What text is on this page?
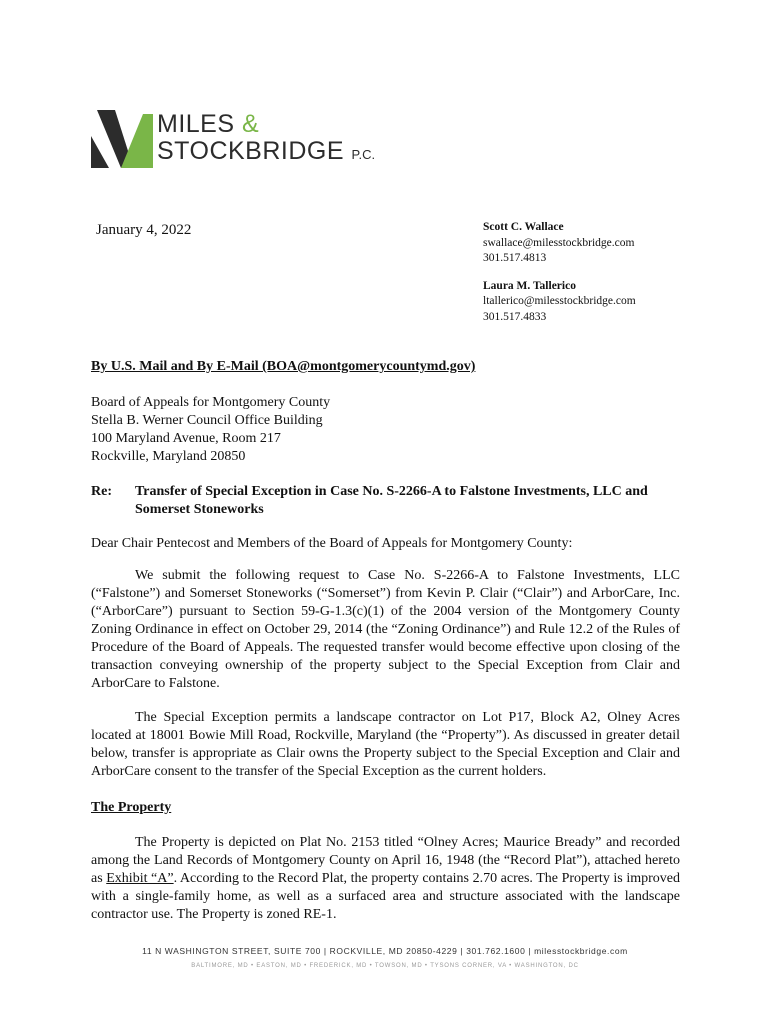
MILES &
STOCKBRIDGE P.C.
January 4, 2022	Scott C. Wallace
swallace@milesstockbridge.com
301.517.4813
Laura M. Tallerico
ltallerico@milesstockbridge.com
301.517.4833
By U.S. Mail and By E-Mail (BOA@montgomerycountymd.gov)
Board of Appeals for Montgomery County
Stella B. Werner Council Office Building
100 Maryland Avenue, Room 217
Rockville, Maryland 20850
Re: Transfer of Special Exception in Case No. S-2266-A to Falstone Investments, LLC and Somerset Stoneworks
Dear Chair Pentecost and Members of the Board of Appeals for Montgomery County:
We submit the following request to Case No. S-2266-A to Falstone Investments, LLC (“Falstone”) and Somerset Stoneworks (“Somerset”) from Kevin P. Clair (“Clair”) and ArborCare, Inc. (“ArborCare”) pursuant to Section 59-G-1.3(c)(1) of the 2004 version of the Montgomery County Zoning Ordinance in effect on October 29, 2014 (the “Zoning Ordinance”) and Rule 12.2 of the Rules of Procedure of the Board of Appeals. The requested transfer would become effective upon closing of the transaction conveying ownership of the property subject to the Special Exception from Clair and ArborCare to Falstone.
The Special Exception permits a landscape contractor on Lot P17, Block A2, Olney Acres located at 18001 Bowie Mill Road, Rockville, Maryland (the “Property”). As discussed in greater detail below, transfer is appropriate as Clair owns the Property subject to the Special Exception and Clair and ArborCare consent to the transfer of the Special Exception as the current holders.
The Property
The Property is depicted on Plat No. 2153 titled “Olney Acres; Maurice Bready” and recorded among the Land Records of Montgomery County on April 16, 1948 (the “Record Plat”), attached hereto as Exhibit “A”. According to the Record Plat, the property contains 2.70 acres. The Property is improved with a single-family home, as well as a surfaced area and structure associated with the landscape contractor use. The Property is zoned RE-1.
11 N WASHINGTON STREET, SUITE 700 | ROCKVILLE, MD 20850-4229 | 301.762.1600 | milesstockbridge.com
BALTIMORE, MD • EASTON, MD • FREDERICK, MD • TOWSON, MD • TYSONS CORNER, VA • WASHINGTON, DC
